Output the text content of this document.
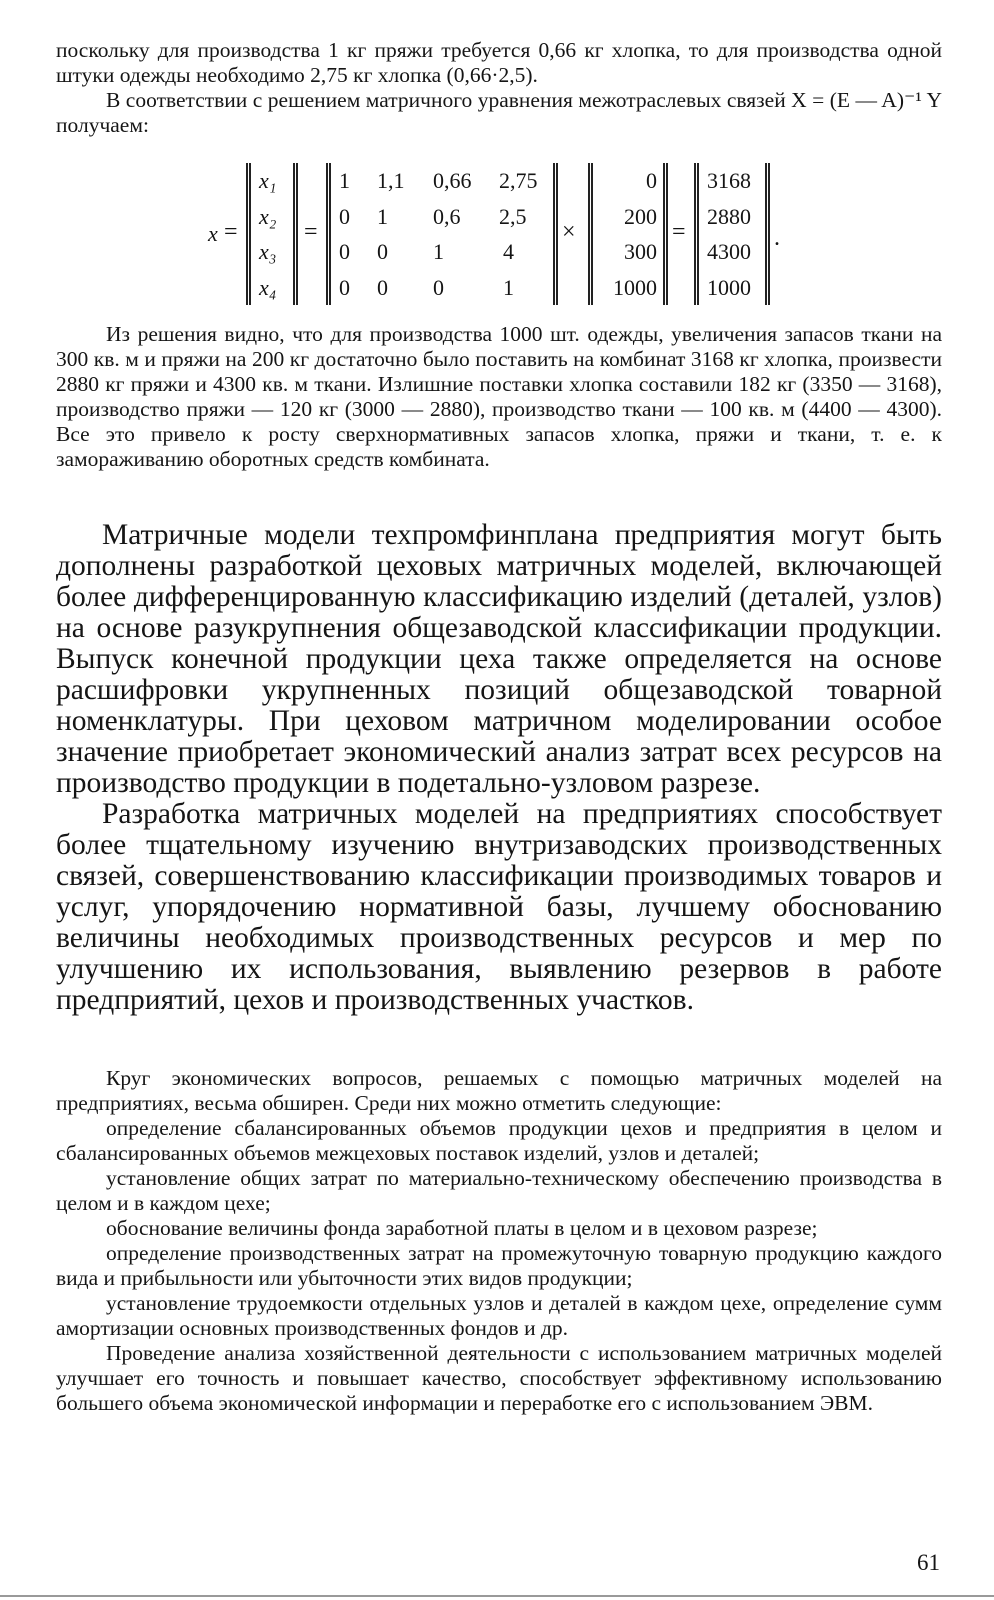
поскольку для производства 1 кг пряжи требуется 0,66 кг хлопка, то для производства одной штуки одежды необходимо 2,75 кг хлопка (0,66·2,5).

В соответствии с решением матричного уравнения межотраслевых связей X = (E — A)⁻¹ Y получаем:

x =
x₁
x₂
x₃
x₄
=
1 1,1 0,66 2,75
0 1 0,6 2,5
0 0 1	4
0 0 0	1
×
0
200
300
1000
=
3168
2880
4300
1000
.

Из решения видно, что для производства 1000 шт. одежды, увеличения запасов ткани на 300 кв. м и пряжи на 200 кг достаточно было поставить на комбинат 3168 кг хлопка, произвести 2880 кг пряжи и 4300 кв. м ткани. Излишние поставки хлопка составили 182 кг (3350 — 3168), производство пряжи — 120 кг (3000 — 2880), производство ткани — 100 кв. м (4400 — 4300). Все это привело к росту сверхнормативных запасов хлопка, пряжи и ткани, т. е. к замораживанию оборотных средств комбината.

Матричные модели техпромфинплана предприятия могут быть дополнены разработкой цеховых матричных моделей, включающей более дифференцированную классификацию изделий (деталей, узлов) на основе разукрупнения общезаводской классификации продукции. Выпуск конечной продукции цеха также определяется на основе расшифровки укрупненных позиций общезаводской товарной номенклатуры. При цеховом матричном моделировании особое значение приобретает экономический анализ затрат всех ресурсов на производство продукции в подетально-узловом разрезе.

Разработка матричных моделей на предприятиях способствует более тщательному изучению внутризаводских производственных связей, совершенствованию классификации производимых товаров и услуг, упорядочению нормативной базы, лучшему обоснованию величины необходимых производственных ресурсов и мер по улучшению их использования, выявлению резервов в работе предприятий, цехов и производственных участков.

Круг экономических вопросов, решаемых с помощью матричных моделей на предприятиях, весьма обширен. Среди них можно отметить следующие:

определение сбалансированных объемов продукции цехов и предприятия в целом и сбалансированных объемов межцеховых поставок изделий, узлов и деталей;

установление общих затрат по материально-техническому обеспечению производства в целом и в каждом цехе;

обоснование величины фонда заработной платы в целом и в цеховом разрезе;

определение производственных затрат на промежуточную товарную продукцию каждого вида и прибыльности или убыточности этих видов продукции;

установление трудоемкости отдельных узлов и деталей в каждом цехе, определение сумм амортизации основных производственных фондов и др.

Проведение анализа хозяйственной деятельности с использованием матричных моделей улучшает его точность и повышает качество, способствует эффективному использованию большего объема экономической информации и переработке его с использованием ЭВМ.

61
